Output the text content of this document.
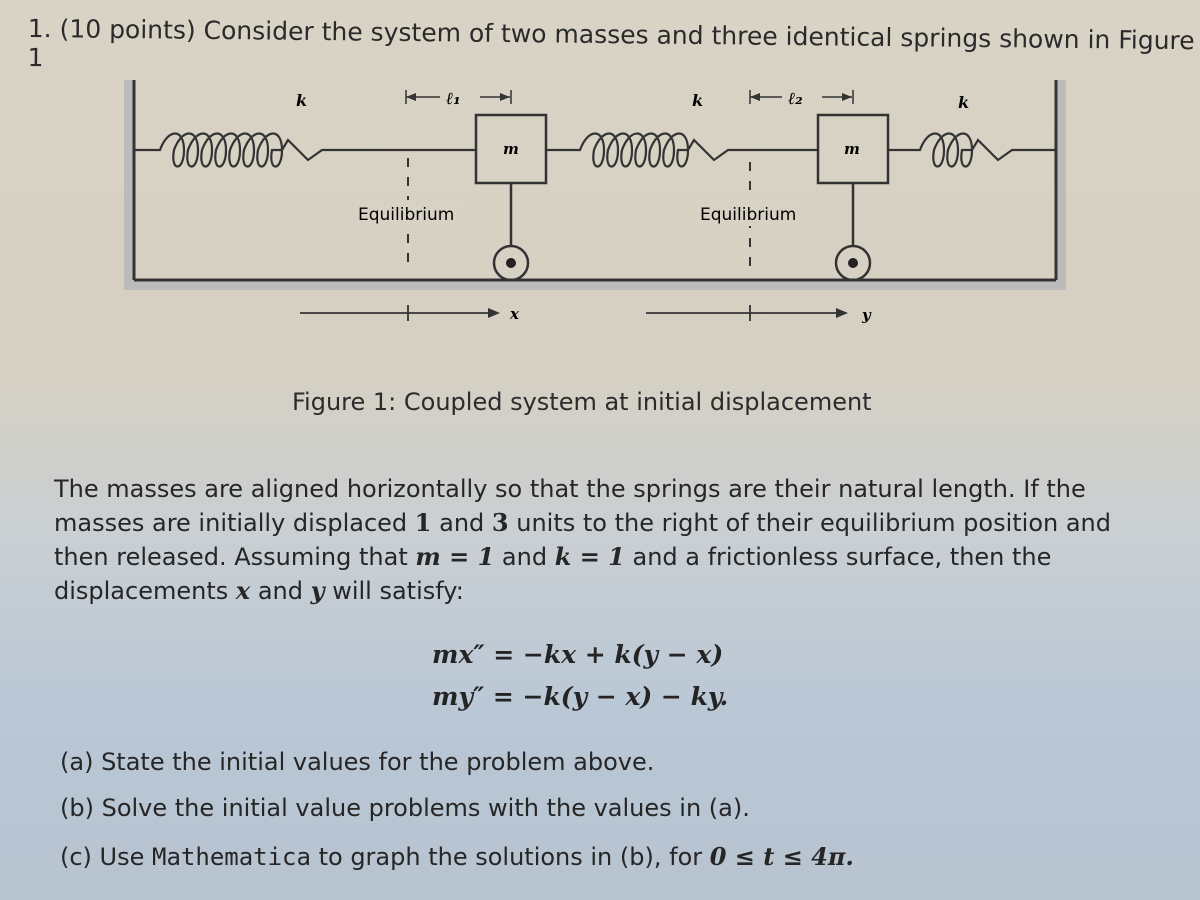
1. (10 points) Consider the system of two masses and three identical springs shown in Figure 1
m	m
k	k	k
ℓ₁	ℓ₂
Equilibrium	Equilibrium
x	y
Figure 1: Coupled system at initial displacement
The masses are aligned horizontally so that the springs are their natural length. If the masses are initially displaced 1 and 3 units to the right of their equilibrium position and then released. Assuming that m = 1 and k = 1 and a frictionless surface, then the displacements x and y will satisfy:
mx″ = −kx + k(y − x)
my″ = −k(y − x) − ky.
(a) State the initial values for the problem above.
(b) Solve the initial value problems with the values in (a).
(c) Use Mathematica to graph the solutions in (b), for 0 ≤ t ≤ 4π.
